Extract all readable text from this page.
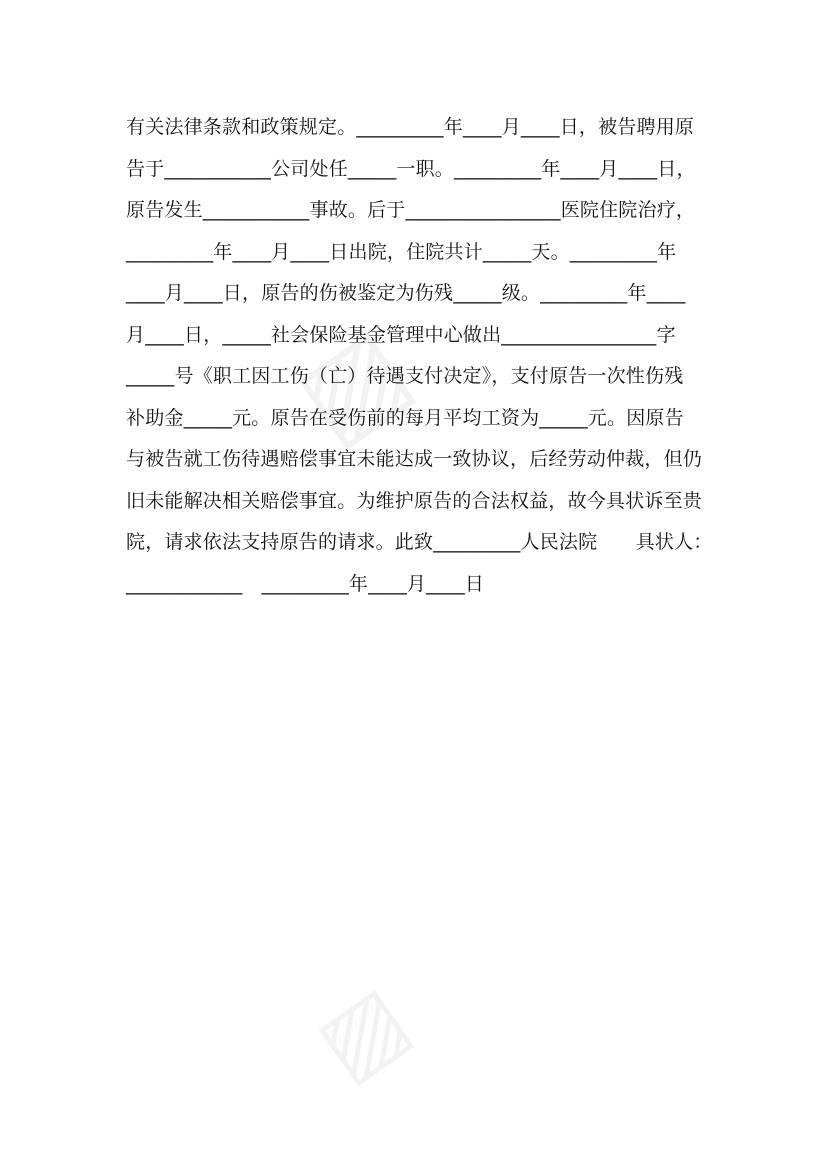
▨
▨
有关法律条款和政策规定。_________年____月____日，被告聘用原
告于___________公司处任_____一职。_________年____月____日，
原告发生___________事故。后于________________医院住院治疗，
_________年____月____日出院，住院共计_____天。_________年
____月____日，原告的伤被鉴定为伤残_____级。_________年____
月____日，_____社会保险基金管理中心做出________________字
_____号《职工因工伤（亡）待遇支付决定》，支付原告一次性伤残
补助金_____元。原告在受伤前的每月平均工资为_____元。因原告
与被告就工伤待遇赔偿事宜未能达成一致协议，后经劳动仲裁，但仍
旧未能解决相关赔偿事宜。为维护原告的合法权益，故今具状诉至贵
院，请求依法支持原告的请求。此致_________人民法院　　具状人：
____________　_________年____月____日
